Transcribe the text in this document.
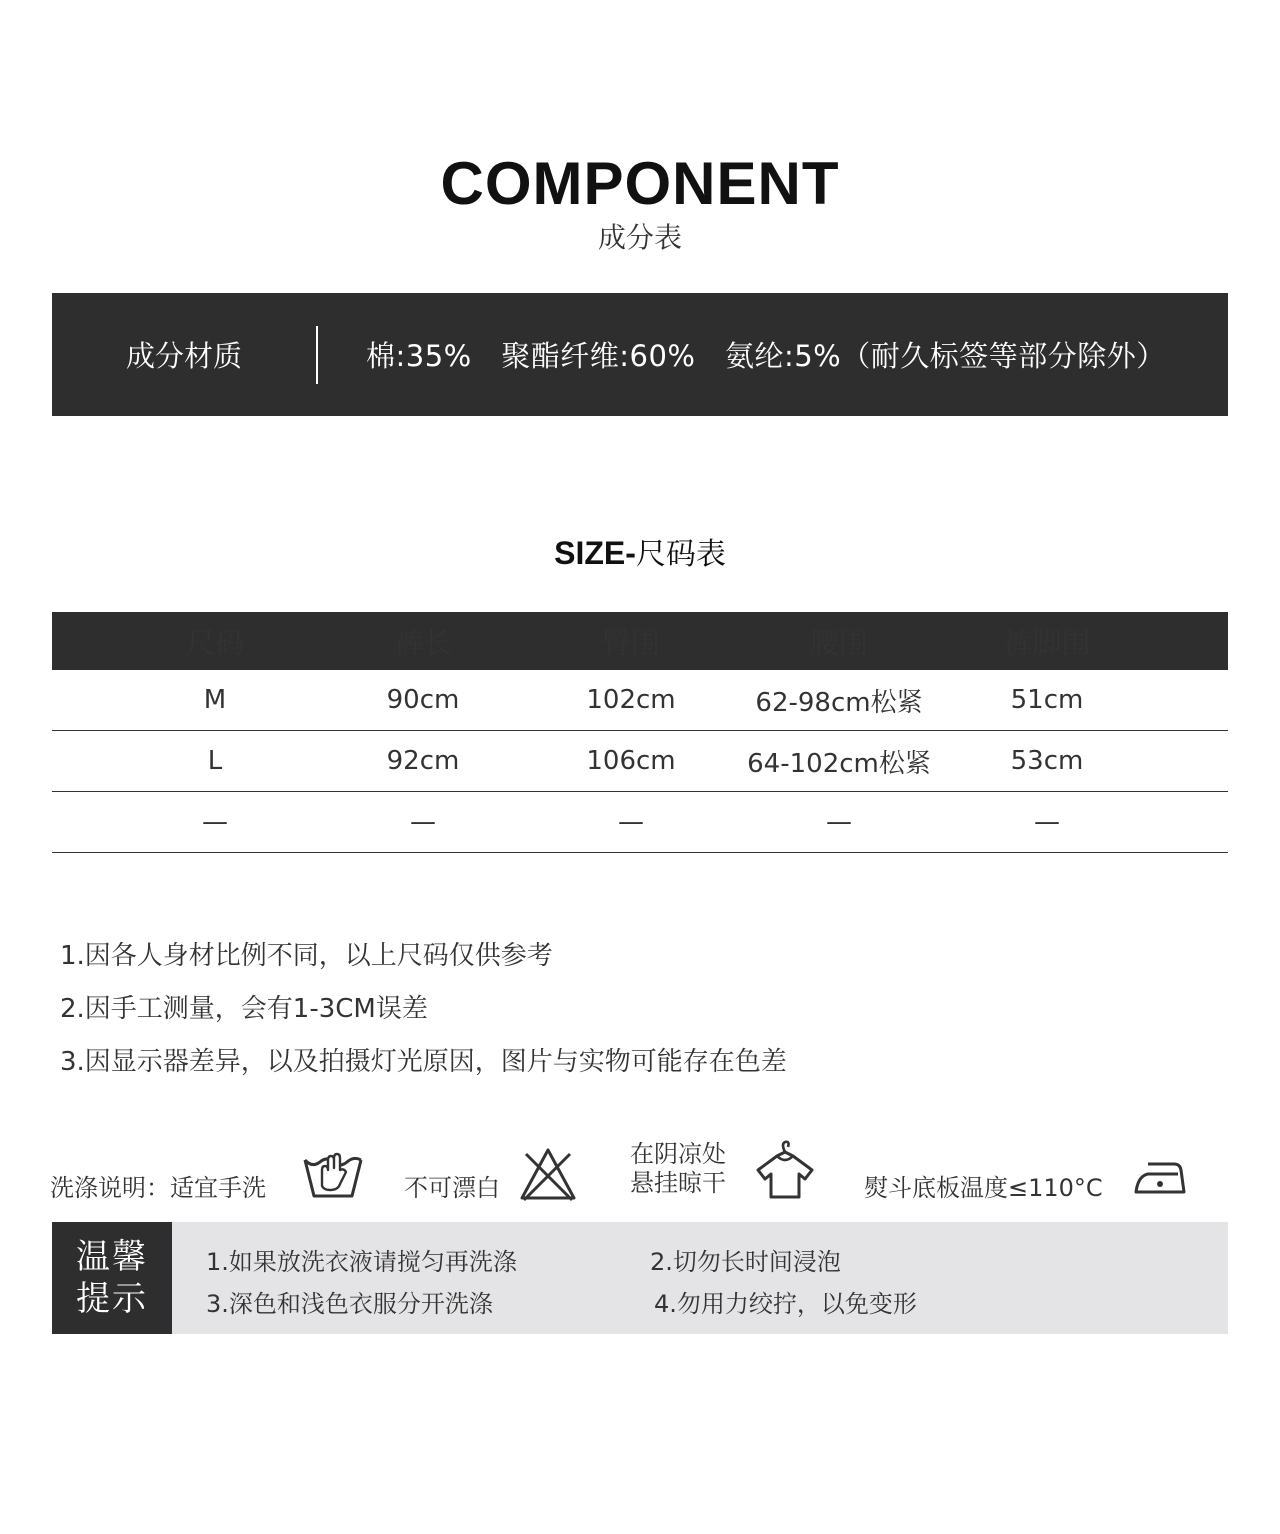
COMPONENT
成分表
成分材质	棉:35%　聚酯纤维:60%　氨纶:5%（耐久标签等部分除外）
SIZE-尺码表
尺码	裤长	臀围	腰围	裤脚围
M	90cm	102cm	62-98cm松紧	51cm
L	92cm	106cm	64-102cm松紧	53cm
—	—	—	—	—
1.因各人身材比例不同，以上尺码仅供参考
2.因手工测量，会有1-3CM误差
3.因显示器差异，以及拍摄灯光原因，图片与实物可能存在色差
洗涤说明：适宜手洗	不可漂白
在阴凉处
悬挂晾干	熨斗底板温度≤110°C
温馨
提示
1.如果放洗衣液请搅匀再洗涤	2.切勿长时间浸泡
3.深色和浅色衣服分开洗涤	4.勿用力绞拧，以免变形
